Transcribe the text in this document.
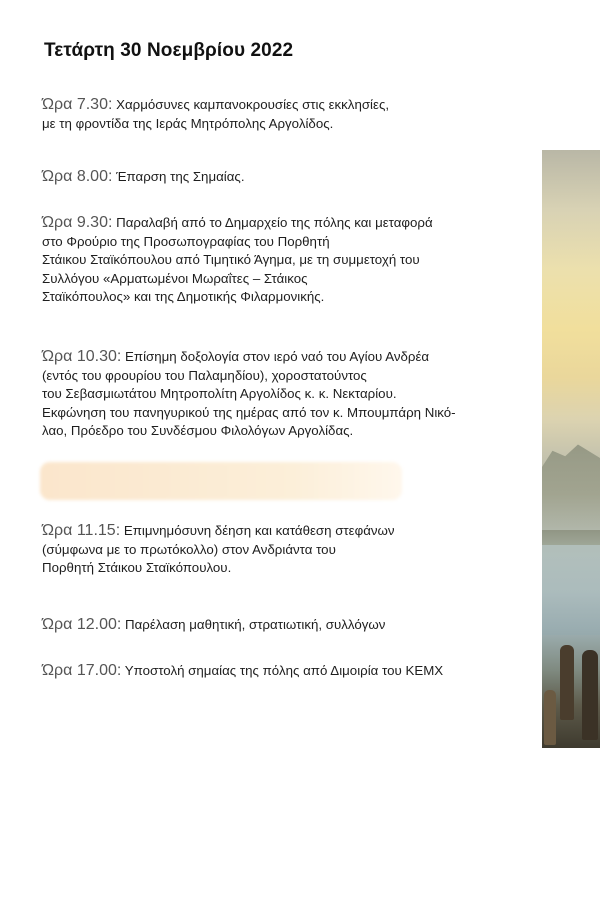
Τετάρτη 30 Νοεμβρίου 2022

Ώρα 7.30: Χαρμόσυνες καμπανοκρουσίες στις εκκλησίες,

με τη φροντίδα της Ιεράς Μητρόπολης Αργολίδος.

Ώρα 8.00: Έπαρση της Σημαίας.

Ώρα 9.30: Παραλαβή από το Δημαρχείο της πόλης και μεταφορά

στο Φρούριο της Προσωπογραφίας του Πορθητή

Στάικου Σταϊκόπουλου από Τιμητικό Άγημα, με τη συμμετοχή του

Συλλόγου «Αρματωμένοι Μωραΐτες – Στάικος

Σταϊκόπουλος» και της Δημοτικής Φιλαρμονικής.

Ώρα 10.30: Επίσημη δοξολογία στον ιερό ναό του Αγίου Ανδρέα

(εντός του φρουρίου του Παλαμηδίου), χοροστατούντος

του Σεβασμιωτάτου Μητροπολίτη Αργολίδος κ. κ. Νεκταρίου.

Εκφώνηση του πανηγυρικού της ημέρας από τον κ. Μπουμπάρη Νικό-

λαο, Πρόεδρο του Συνδέσμου Φιλολόγων Αργολίδας.

Ώρα 11.15: Επιμνημόσυνη δέηση και κατάθεση στεφάνων

(σύμφωνα με το πρωτόκολλο) στον Ανδριάντα του

Πορθητή Στάικου Σταϊκόπουλου.

Ώρα 12.00: Παρέλαση μαθητική, στρατιωτική, συλλόγων

Ώρα 17.00: Υποστολή σημαίας της πόλης από Διμοιρία του ΚΕΜΧ
